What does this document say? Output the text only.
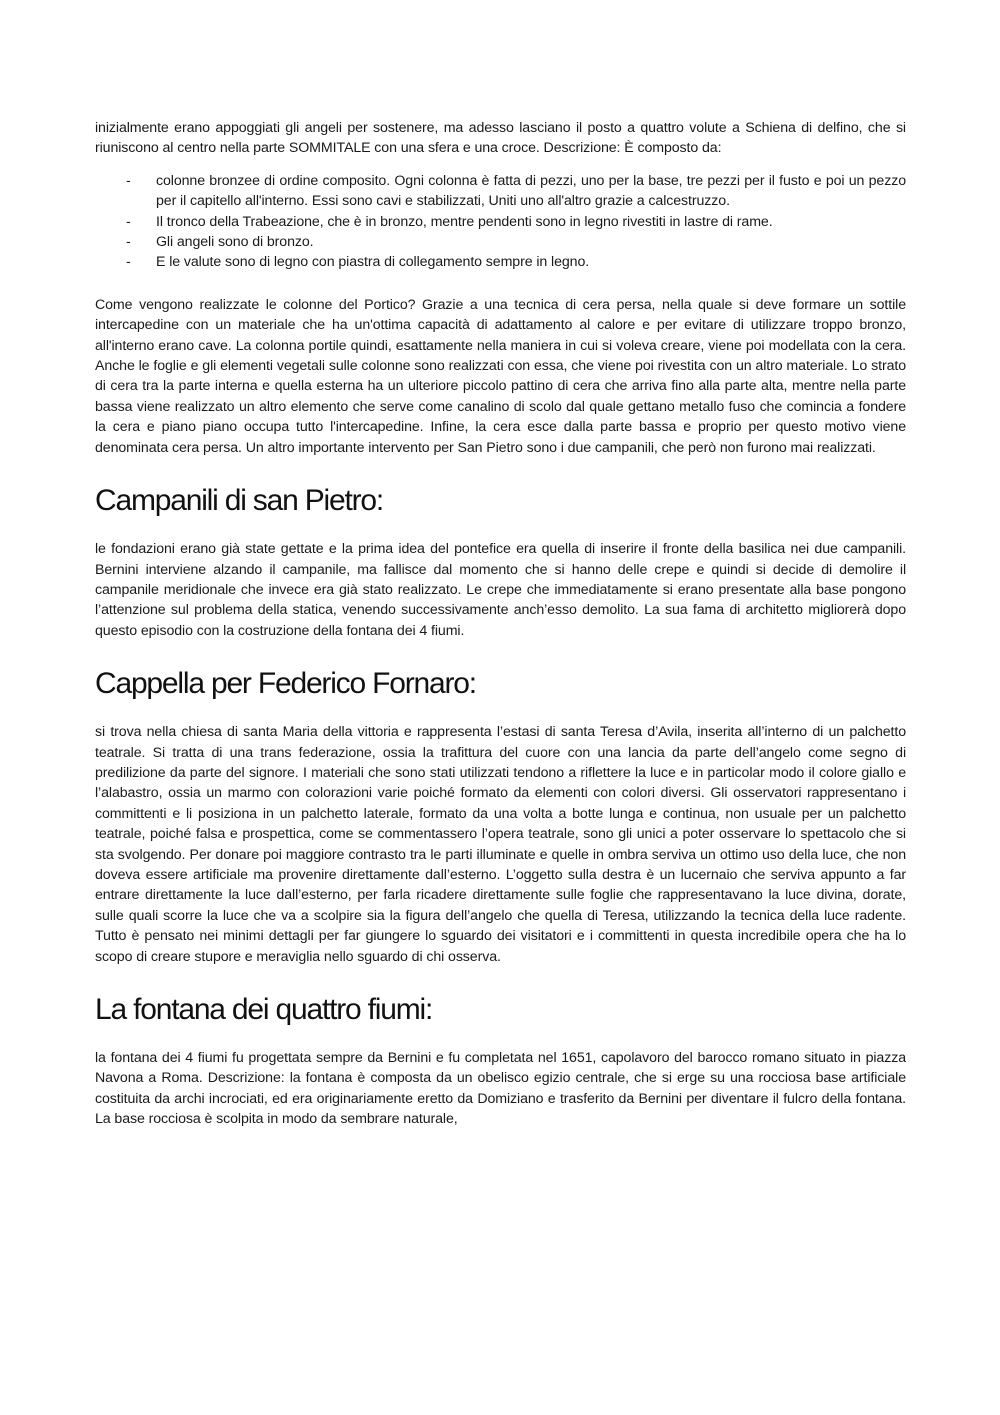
inizialmente erano appoggiati gli angeli per sostenere, ma adesso lasciano il posto a quattro volute a Schiena di delfino, che si riuniscono al centro nella parte SOMMITALE con una sfera e una croce. Descrizione: È composto da:

- colonne bronzee di ordine composito. Ogni colonna è fatta di pezzi, uno per la base, tre pezzi per il fusto e poi un pezzo per il capitello all'interno. Essi sono cavi e stabilizzati, Uniti uno all'altro grazie a calcestruzzo.
- Il tronco della Trabeazione, che è in bronzo, mentre pendenti sono in legno rivestiti in lastre di rame.
- Gli angeli sono di bronzo.
- E le valute sono di legno con piastra di collegamento sempre in legno.

Come vengono realizzate le colonne del Portico? Grazie a una tecnica di cera persa, nella quale si deve formare un sottile intercapedine con un materiale che ha un'ottima capacità di adattamento al calore e per evitare di utilizzare troppo bronzo, all'interno erano cave. La colonna portile quindi, esattamente nella maniera in cui si voleva creare, viene poi modellata con la cera. Anche le foglie e gli elementi vegetali sulle colonne sono realizzati con essa, che viene poi rivestita con un altro materiale. Lo strato di cera tra la parte interna e quella esterna ha un ulteriore piccolo pattino di cera che arriva fino alla parte alta, mentre nella parte bassa viene realizzato un altro elemento che serve come canalino di scolo dal quale gettano metallo fuso che comincia a fondere la cera e piano piano occupa tutto l'intercapedine. Infine, la cera esce dalla parte bassa e proprio per questo motivo viene denominata cera persa. Un altro importante intervento per San Pietro sono i due campanili, che però non furono mai realizzati.

Campanili di san Pietro:

le fondazioni erano già state gettate e la prima idea del pontefice era quella di inserire il fronte della basilica nei due campanili. Bernini interviene alzando il campanile, ma fallisce dal momento che si hanno delle crepe e quindi si decide di demolire il campanile meridionale che invece era già stato realizzato. Le crepe che immediatamente si erano presentate alla base pongono l’attenzione sul problema della statica, venendo successivamente anch’esso demolito. La sua fama di architetto migliorerà dopo questo episodio con la costruzione della fontana dei 4 fiumi.

Cappella per Federico Fornaro:

si trova nella chiesa di santa Maria della vittoria e rappresenta l’estasi di santa Teresa d’Avila, inserita all’interno di un palchetto teatrale. Si tratta di una trans federazione, ossia la trafittura del cuore con una lancia da parte dell’angelo come segno di predilizione da parte del signore. I materiali che sono stati utilizzati tendono a riflettere la luce e in particolar modo il colore giallo e l’alabastro, ossia un marmo con colorazioni varie poiché formato da elementi con colori diversi. Gli osservatori rappresentano i committenti e li posiziona in un palchetto laterale, formato da una volta a botte lunga e continua, non usuale per un palchetto teatrale, poiché falsa e prospettica, come se commentassero l’opera teatrale, sono gli unici a poter osservare lo spettacolo che si sta svolgendo. Per donare poi maggiore contrasto tra le parti illuminate e quelle in ombra serviva un ottimo uso della luce, che non doveva essere artificiale ma provenire direttamente dall’esterno. L’oggetto sulla destra è un lucernaio che serviva appunto a far entrare direttamente la luce dall’esterno, per farla ricadere direttamente sulle foglie che rappresentavano la luce divina, dorate, sulle quali scorre la luce che va a scolpire sia la figura dell’angelo che quella di Teresa, utilizzando la tecnica della luce radente. Tutto è pensato nei minimi dettagli per far giungere lo sguardo dei visitatori e i committenti in questa incredibile opera che ha lo scopo di creare stupore e meraviglia nello sguardo di chi osserva.

La fontana dei quattro fiumi:

la fontana dei 4 fiumi fu progettata sempre da Bernini e fu completata nel 1651, capolavoro del barocco romano situato in piazza Navona a Roma. Descrizione: la fontana è composta da un obelisco egizio centrale, che si erge su una rocciosa base artificiale costituita da archi incrociati, ed era originariamente eretto da Domiziano e trasferito da Bernini per diventare il fulcro della fontana. La base rocciosa è scolpita in modo da sembrare naturale,
